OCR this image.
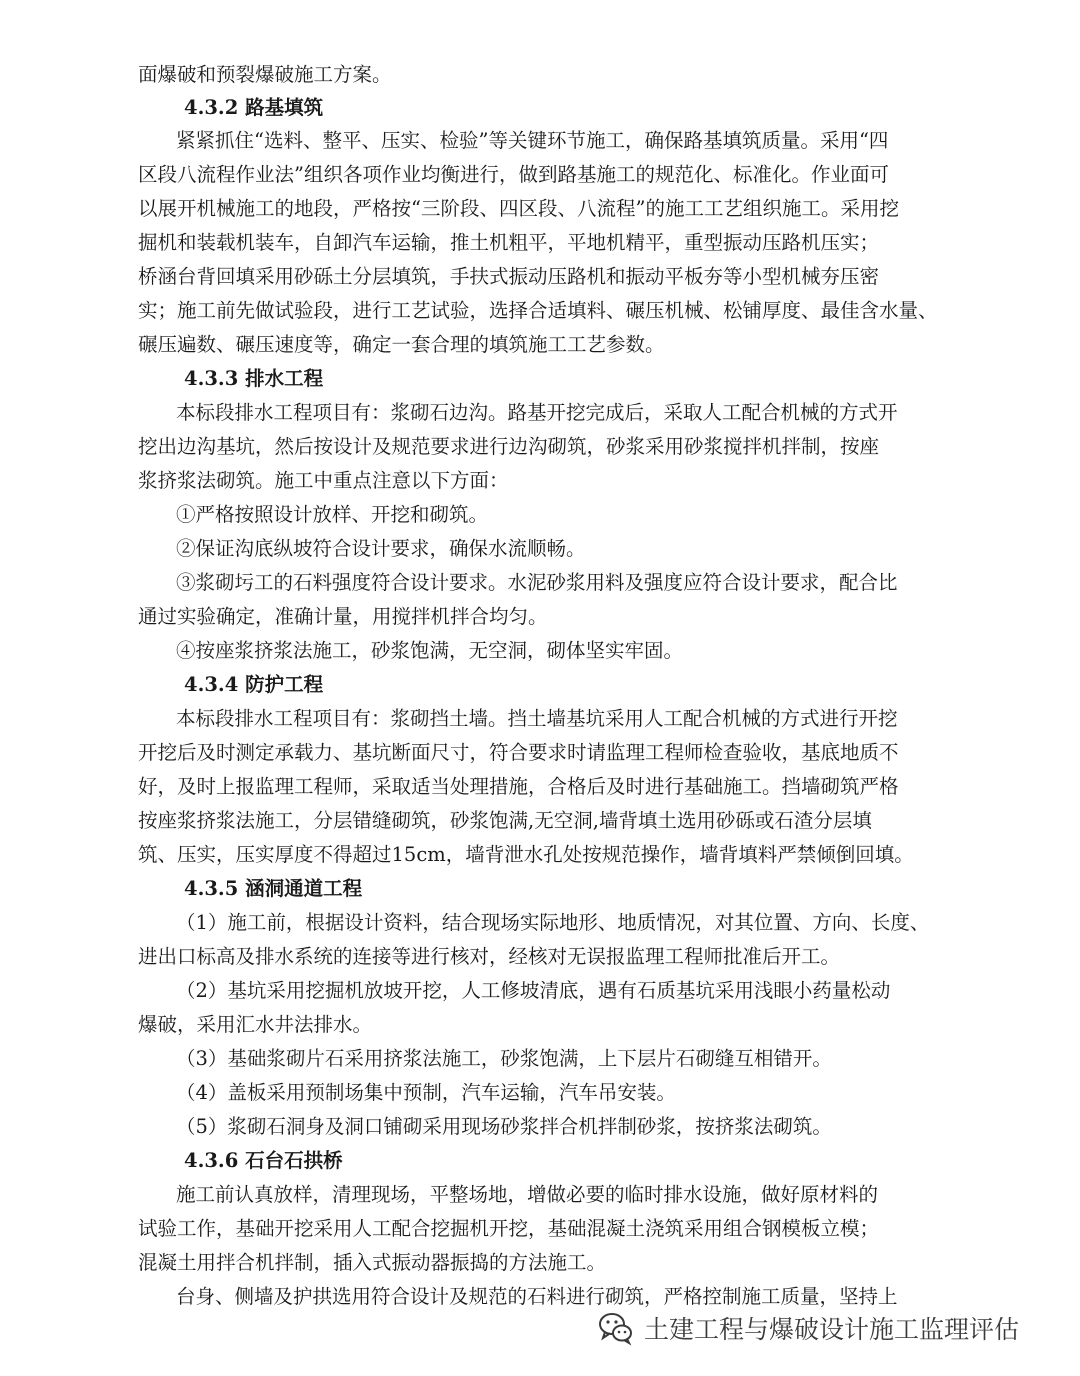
面爆破和预裂爆破施工方案。
4.3.2 路基填筑
紧紧抓住“选料、整平、压实、检验”等关键环节施工，确保路基填筑质量。采用“四
区段八流程作业法”组织各项作业均衡进行，做到路基施工的规范化、标准化。作业面可
以展开机械施工的地段，严格按“三阶段、四区段、八流程”的施工工艺组织施工。采用挖
掘机和装载机装车，自卸汽车运输，推土机粗平，平地机精平，重型振动压路机压实；
桥涵台背回填采用砂砾土分层填筑，手扶式振动压路机和振动平板夯等小型机械夯压密
实；施工前先做试验段，进行工艺试验，选择合适填料、碾压机械、松铺厚度、最佳含水量、
碾压遍数、碾压速度等，确定一套合理的填筑施工工艺参数。
4.3.3 排水工程
本标段排水工程项目有：浆砌石边沟。路基开挖完成后，采取人工配合机械的方式开
挖出边沟基坑，然后按设计及规范要求进行边沟砌筑，砂浆采用砂浆搅拌机拌制，按座
浆挤浆法砌筑。施工中重点注意以下方面：
①严格按照设计放样、开挖和砌筑。
②保证沟底纵坡符合设计要求，确保水流顺畅。
③浆砌圬工的石料强度符合设计要求。水泥砂浆用料及强度应符合设计要求，配合比
通过实验确定，准确计量，用搅拌机拌合均匀。
④按座浆挤浆法施工，砂浆饱满，无空洞，砌体坚实牢固。
4.3.4 防护工程
本标段排水工程项目有：浆砌挡土墙。挡土墙基坑采用人工配合机械的方式进行开挖
开挖后及时测定承载力、基坑断面尺寸，符合要求时请监理工程师检查验收，基底地质不
好，及时上报监理工程师，采取适当处理措施，合格后及时进行基础施工。挡墙砌筑严格
按座浆挤浆法施工，分层错缝砌筑，砂浆饱满,无空洞,墙背填土选用砂砾或石渣分层填
筑、压实，压实厚度不得超过15cm，墙背泄水孔处按规范操作，墙背填料严禁倾倒回填。
4.3.5 涵洞通道工程
（1）施工前，根据设计资料，结合现场实际地形、地质情况，对其位置、方向、长度、
进出口标高及排水系统的连接等进行核对，经核对无误报监理工程师批准后开工。
（2）基坑采用挖掘机放坡开挖，人工修坡清底，遇有石质基坑采用浅眼小药量松动
爆破，采用汇水井法排水。
（3）基础浆砌片石采用挤浆法施工，砂浆饱满，上下层片石砌缝互相错开。
（4）盖板采用预制场集中预制，汽车运输，汽车吊安装。
（5）浆砌石洞身及洞口铺砌采用现场砂浆拌合机拌制砂浆，按挤浆法砌筑。
4.3.6 石台石拱桥
施工前认真放样，清理现场，平整场地，增做必要的临时排水设施，做好原材料的
试验工作，基础开挖采用人工配合挖掘机开挖，基础混凝土浇筑采用组合钢模板立模；
混凝土用拌合机拌制，插入式振动器振捣的方法施工。
台身、侧墙及护拱选用符合设计及规范的石料进行砌筑，严格控制施工质量，坚持上
土建工程与爆破设计施工监理评估
